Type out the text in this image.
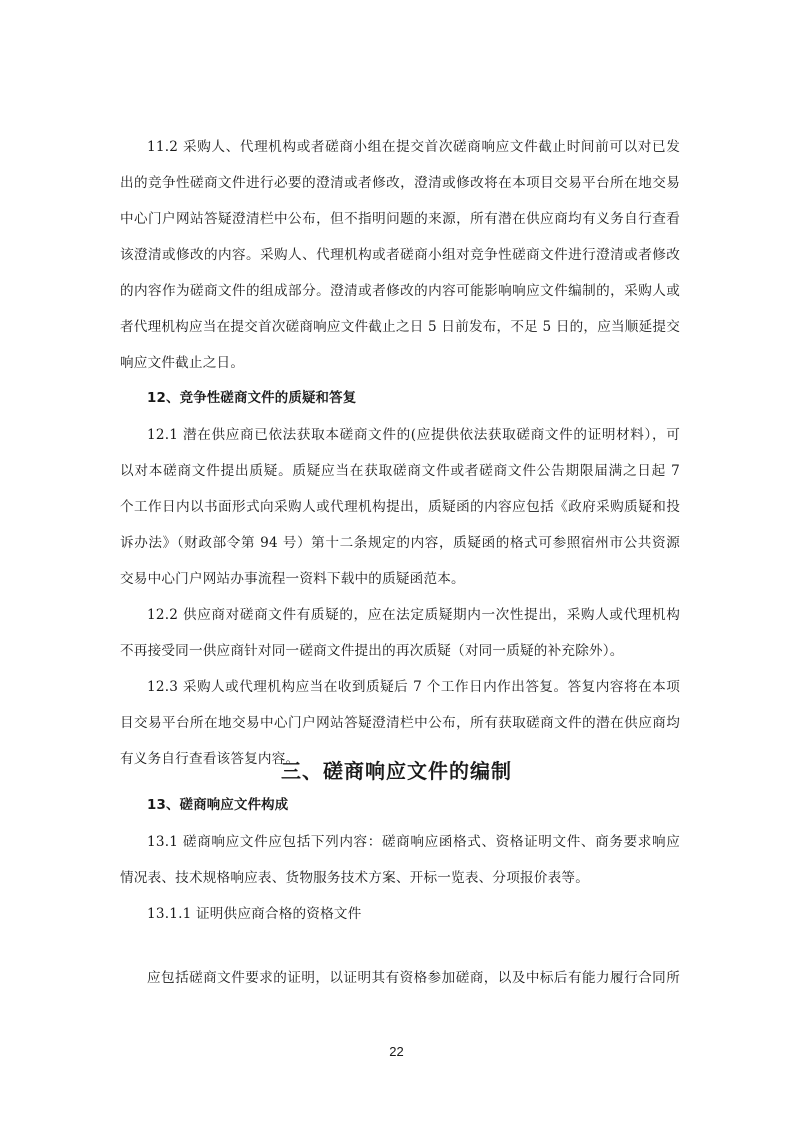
11.2 采购人、代理机构或者磋商小组在提交首次磋商响应文件截止时间前可以对已发
出的竞争性磋商文件进行必要的澄清或者修改，澄清或修改将在本项目交易平台所在地交易
中心门户网站答疑澄清栏中公布，但不指明问题的来源，所有潜在供应商均有义务自行查看
该澄清或修改的内容。采购人、代理机构或者磋商小组对竞争性磋商文件进行澄清或者修改
的内容作为磋商文件的组成部分。澄清或者修改的内容可能影响响应文件编制的，采购人或
者代理机构应当在提交首次磋商响应文件截止之日 5 日前发布，不足 5 日的，应当顺延提交
响应文件截止之日。
12、竞争性磋商文件的质疑和答复
12.1 潜在供应商已依法获取本磋商文件的(应提供依法获取磋商文件的证明材料），可
以对本磋商文件提出质疑。质疑应当在获取磋商文件或者磋商文件公告期限届满之日起 7
个工作日内以书面形式向采购人或代理机构提出，质疑函的内容应包括《政府采购质疑和投
诉办法》（财政部令第 94 号）第十二条规定的内容，质疑函的格式可参照宿州市公共资源
交易中心门户网站办事流程一资料下载中的质疑函范本。
12.2 供应商对磋商文件有质疑的，应在法定质疑期内一次性提出，采购人或代理机构
不再接受同一供应商针对同一磋商文件提出的再次质疑（对同一质疑的补充除外）。
12.3 采购人或代理机构应当在收到质疑后 7 个工作日内作出答复。答复内容将在本项
目交易平台所在地交易中心门户网站答疑澄清栏中公布，所有获取磋商文件的潜在供应商均
有义务自行查看该答复内容。
三、磋商响应文件的编制
13、磋商响应文件构成
13.1 磋商响应文件应包括下列内容：磋商响应函格式、资格证明文件、商务要求响应
情况表、技术规格响应表、货物服务技术方案、开标一览表、分项报价表等。
13.1.1 证明供应商合格的资格文件
应包括磋商文件要求的证明，以证明其有资格参加磋商，以及中标后有能力履行合同所
22
